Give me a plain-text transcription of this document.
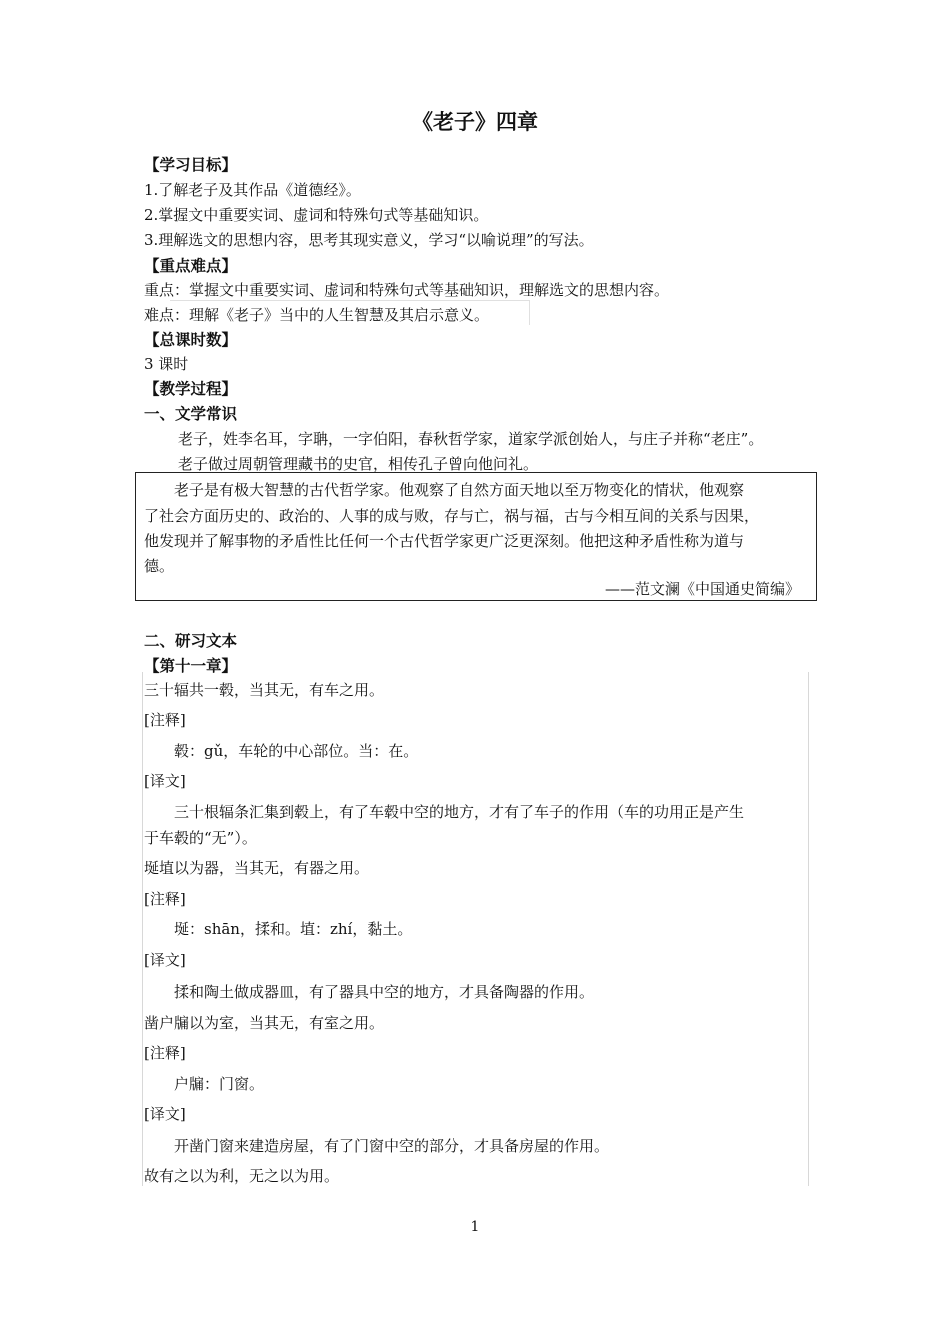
《老子》四章
【学习目标】
1.了解老子及其作品《道德经》。
2.掌握文中重要实词、虚词和特殊句式等基础知识。
3.理解选文的思想内容，思考其现实意义，学习“以喻说理”的写法。
【重点难点】
重点：掌握文中重要实词、虚词和特殊句式等基础知识，理解选文的思想内容。
难点：理解《老子》当中的人生智慧及其启示意义。
【总课时数】
3 课时
【教学过程】
一、文学常识
老子，姓李名耳，字聃，一字伯阳，春秋哲学家，道家学派创始人，与庄子并称“老庄”。
老子做过周朝管理藏书的史官，相传孔子曾向他问礼。
　　老子是有极大智慧的古代哲学家。他观察了自然方面天地以至万物变化的情状，他观察
了社会方面历史的、政治的、人事的成与败，存与亡，祸与福，古与今相互间的关系与因果，
他发现并了解事物的矛盾性比任何一个古代哲学家更广泛更深刻。他把这种矛盾性称为道与
德。
——范文澜《中国通史简编》
二、研习文本
【第十一章】
三十辐共一毂，当其无，有车之用。
[注释]
　　毂：gǔ，车轮的中心部位。当：在。
[译文]
　　三十根辐条汇集到毂上，有了车毂中空的地方，才有了车子的作用（车的功用正是产生
于车毂的“无”）。
埏埴以为器，当其无，有器之用。
[注释]
　　埏：shān，揉和。埴：zhí，黏土。
[译文]
　　揉和陶土做成器皿，有了器具中空的地方，才具备陶器的作用。
凿户牖以为室，当其无，有室之用。
[注释]
　　户牖：门窗。
[译文]
　　开凿门窗来建造房屋，有了门窗中空的部分，才具备房屋的作用。
故有之以为利，无之以为用。
1
